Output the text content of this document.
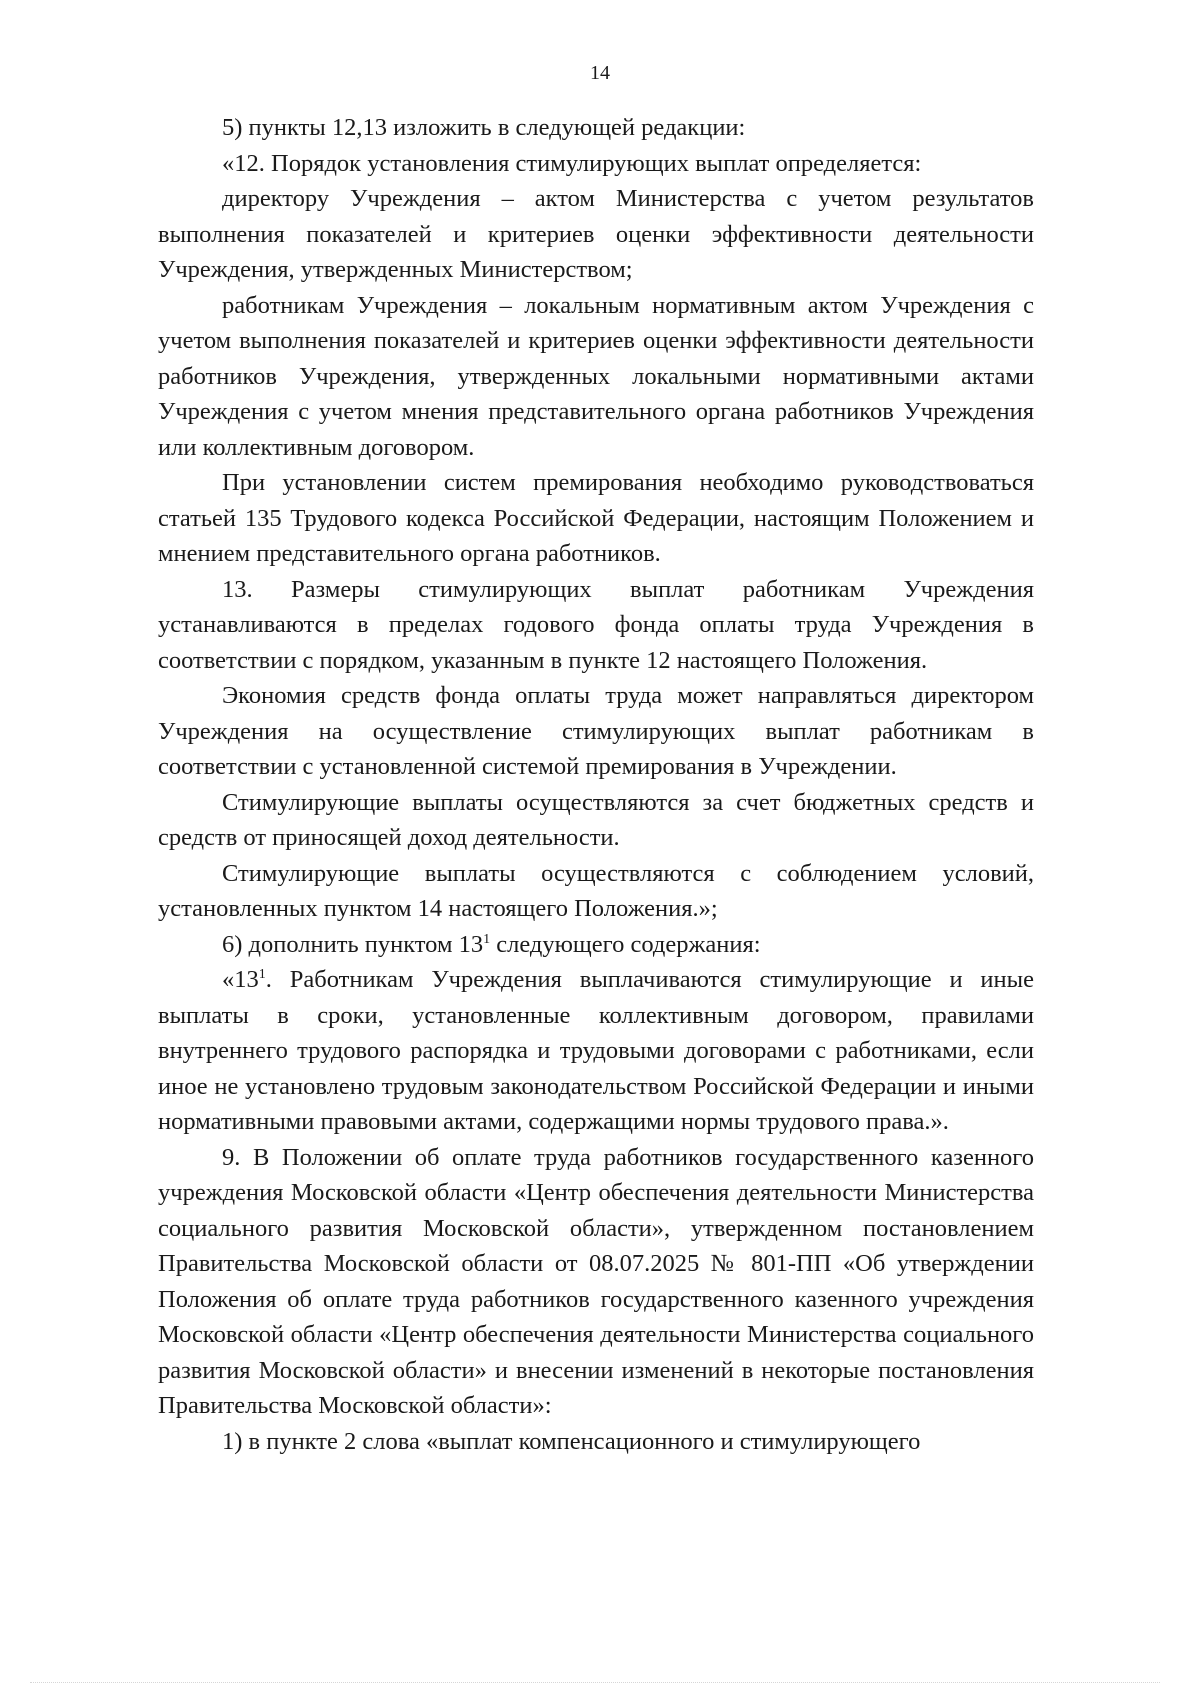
14

5) пункты 12,13 изложить в следующей редакции:

«12. Порядок установления стимулирующих выплат определяется:

директору Учреждения – актом Министерства с учетом результатов выполнения показателей и критериев оценки эффективности деятельности Учреждения, утвержденных Министерством;

работникам Учреждения – локальным нормативным актом Учреждения с учетом выполнения показателей и критериев оценки эффективности деятельности работников Учреждения, утвержденных локальными нормативными актами Учреждения с учетом мнения представительного органа работников Учреждения или коллективным договором.

При установлении систем премирования необходимо руководствоваться статьей 135 Трудового кодекса Российской Федерации, настоящим Положением и мнением представительного органа работников.

13. Размеры стимулирующих выплат работникам Учреждения устанавливаются в пределах годового фонда оплаты труда Учреждения в соответствии с порядком, указанным в пункте 12 настоящего Положения.

Экономия средств фонда оплаты труда может направляться директором Учреждения на осуществление стимулирующих выплат работникам в соответствии с установленной системой премирования в Учреждении.

Стимулирующие выплаты осуществляются за счет бюджетных средств и средств от приносящей доход деятельности.

Стимулирующие выплаты осуществляются с соблюдением условий, установленных пунктом 14 настоящего Положения.»;

6) дополнить пунктом $13^1$ следующего содержания:

«$13^1$. Работникам Учреждения выплачиваются стимулирующие и иные выплаты в сроки, установленные коллективным договором, правилами внутреннего трудового распорядка и трудовыми договорами с работниками, если иное не установлено трудовым законодательством Российской Федерации и иными нормативными правовыми актами, содержащими нормы трудового права.».

9. В Положении об оплате труда работников государственного казенного учреждения Московской области «Центр обеспечения деятельности Министерства социального развития Московской области», утвержденном постановлением Правительства Московской области от 08.07.2025 № 801-ПП «Об утверждении Положения об оплате труда работников государственного казенного учреждения Московской области «Центр обеспечения деятельности Министерства социального развития Московской области» и внесении изменений в некоторые постановления Правительства Московской области»:

1) в пункте 2 слова «выплат компенсационного и стимулирующего
